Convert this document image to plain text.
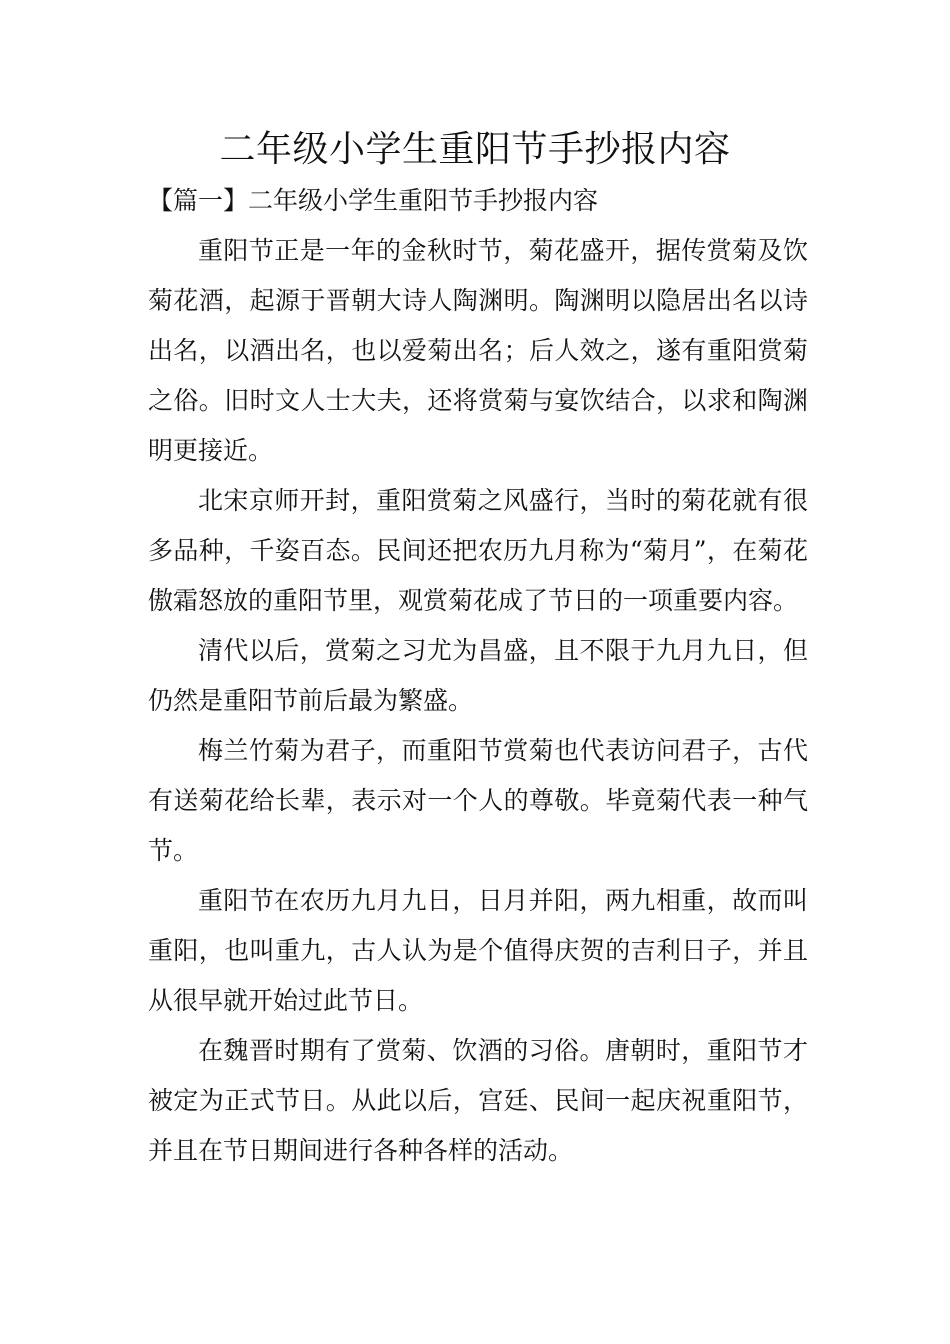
二年级小学生重阳节手抄报内容

【篇一】二年级小学生重阳节手抄报内容

重阳节正是一年的金秋时节，菊花盛开，据传赏菊及饮菊花酒，起源于晋朝大诗人陶渊明。陶渊明以隐居出名以诗出名，以酒出名，也以爱菊出名；后人效之，遂有重阳赏菊之俗。旧时文人士大夫，还将赏菊与宴饮结合，以求和陶渊明更接近。

北宋京师开封，重阳赏菊之风盛行，当时的菊花就有很多品种，千姿百态。民间还把农历九月称为“菊月”，在菊花傲霜怒放的重阳节里，观赏菊花成了节日的一项重要内容。

清代以后，赏菊之习尤为昌盛，且不限于九月九日，但仍然是重阳节前后最为繁盛。

梅兰竹菊为君子，而重阳节赏菊也代表访问君子，古代有送菊花给长辈，表示对一个人的尊敬。毕竟菊代表一种气节。

重阳节在农历九月九日，日月并阳，两九相重，故而叫重阳，也叫重九，古人认为是个值得庆贺的吉利日子，并且从很早就开始过此节日。

在魏晋时期有了赏菊、饮酒的习俗。唐朝时，重阳节才被定为正式节日。从此以后，宫廷、民间一起庆祝重阳节，并且在节日期间进行各种各样的活动。
